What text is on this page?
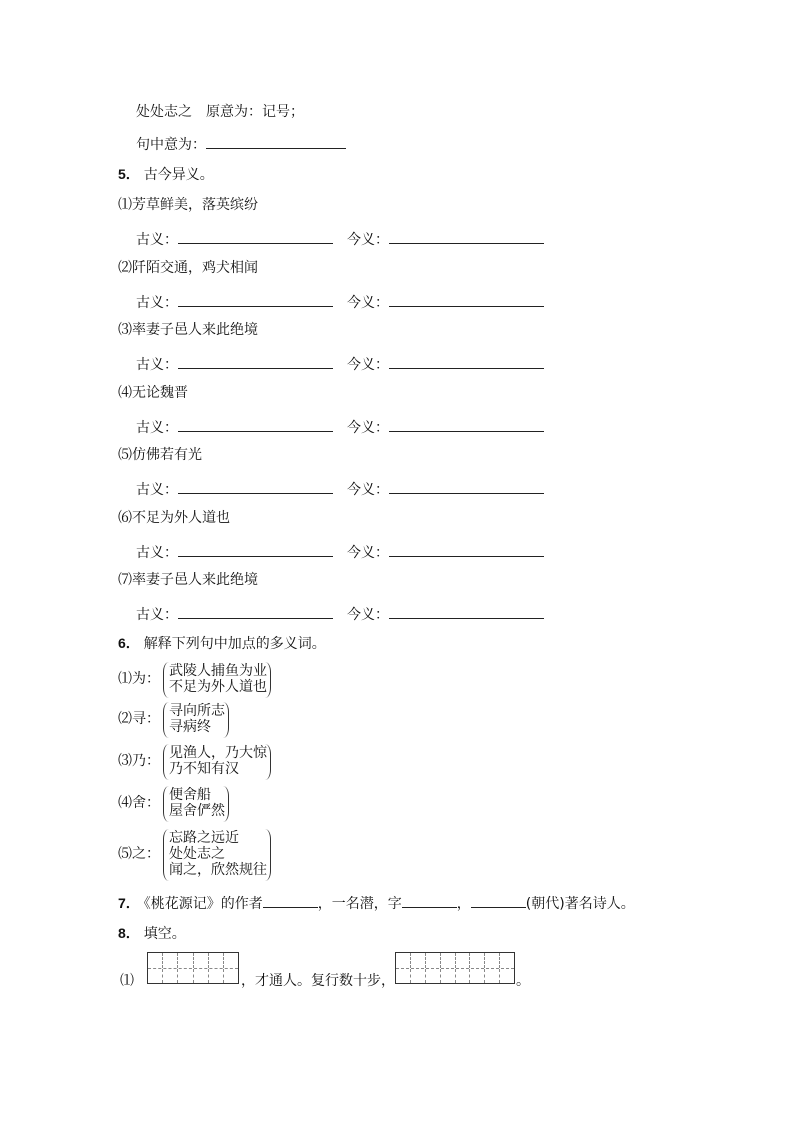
处处志之　原意为：记号；
句中意为：
5． 古今异义。
⑴芳草鲜美，落英缤纷
古义：	今义：
⑵阡陌交通，鸡犬相闻
古义：	今义：
⑶率妻子邑人来此绝境
古义：	今义：
⑷无论魏晋
古义：	今义：
⑸仿佛若有光
古义：	今义：
⑹不足为外人道也
古义：	今义：
⑺率妻子邑人来此绝境
古义：	今义：
6． 解释下列句中加点的多义词。
⑴为： 武陵人捕鱼为业
不足为外人道也
⑵寻： 寻向所志
寻病终
⑶乃： 见渔人，乃大惊
乃不知有汉
⑷舍： 便舍船
屋舍俨然
⑸之：
忘路之远近
处处志之
闻之，欣然规往
7． 《桃花源记》的作者	，一名潜，字	，	(朝代)著名诗人。
8． 填空。
⑴	，才通人。复行数十步，	。
